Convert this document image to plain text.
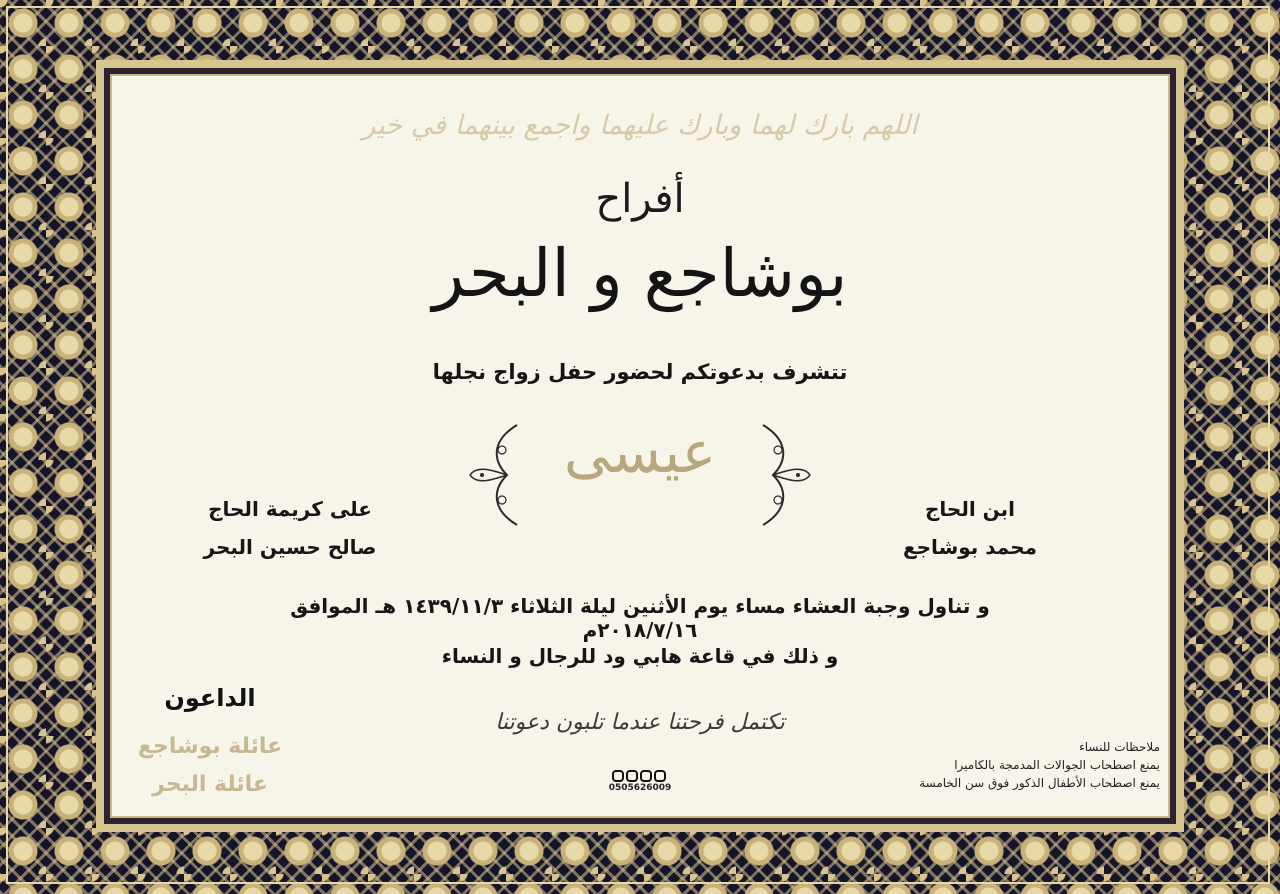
اللهم بارك لهما وبارك عليهما واجمع بينهما في خير
أفراح
بوشاجع و البحر
تتشرف بدعوتكم لحضور حفل زواج نجلها
عيسى
ابن الحاج
محمد بوشاجع
على كريمة الحاج
صالح حسين البحر
و تناول وجبة العشاء مساء يوم الأثنين ليلة الثلاثاء ١٤٣٩/١١/٣ هـ الموافق ٢٠١٨/٧/١٦م
و ذلك في قاعة هابي ود للرجال و النساء
الداعون
عائلة بوشاجع
عائلة البحر
تكتمل فرحتنا عندما تلبون دعوتنا
0505626009
ملاحظات للنساء
يمنع اصطحاب الجوالات المدمجة بالكاميرا
يمنع اصطحاب الأطفال الذكور فوق سن الخامسة
